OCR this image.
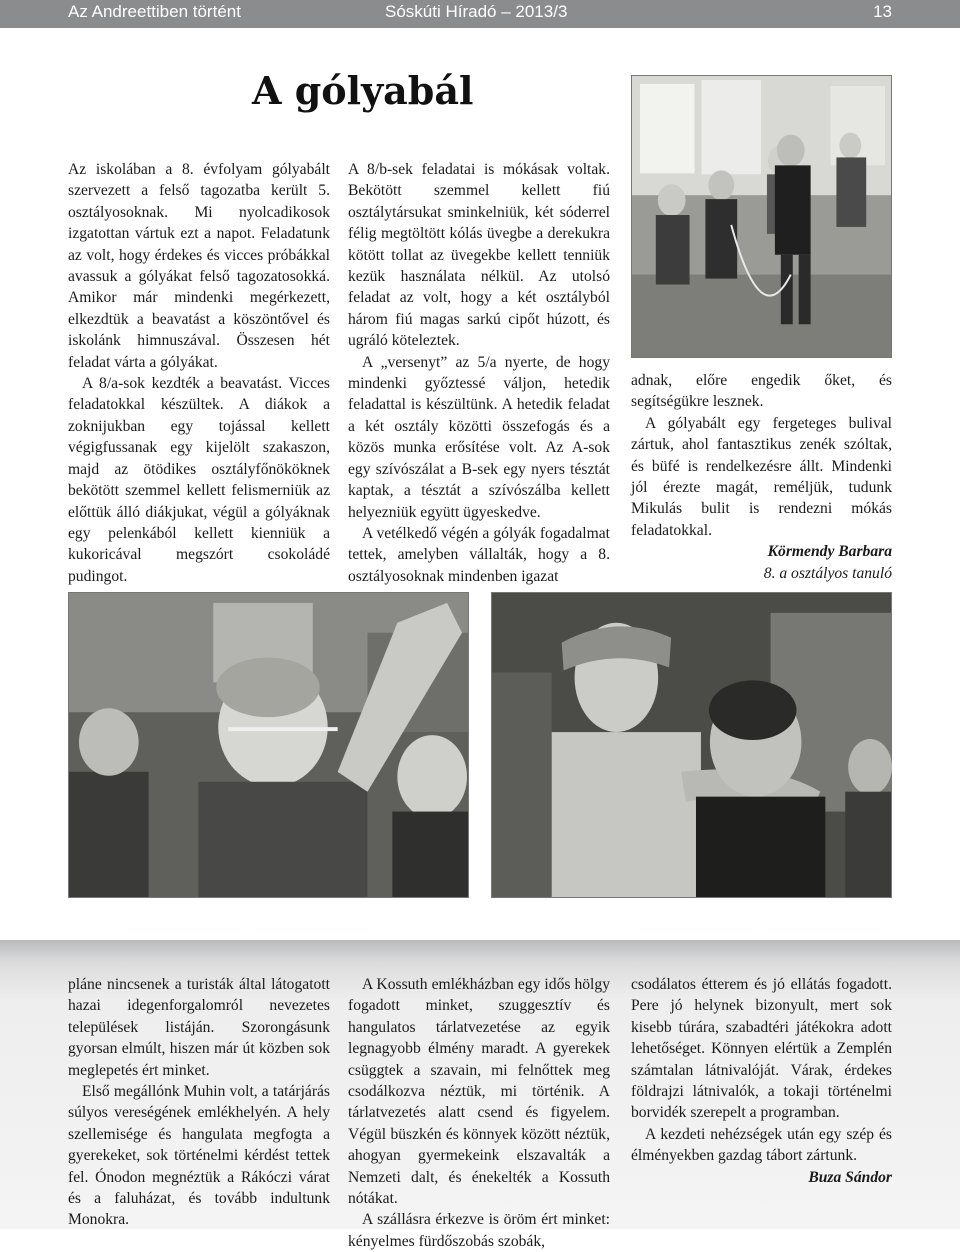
Az Andreettiben történt	Sóskúti Híradó – 2013/3	13
A gólyabál

Az iskolában a 8. évfolyam gólyabált szervezett a felső tagozatba került 5. osztályosoknak. Mi nyolcadikosok izgatottan vártuk ezt a napot. Feladatunk az volt, hogy érdekes és vicces próbákkal avassuk a gólyákat felső tagozatosokká. Amikor már mindenki megérkezett, elkezdtük a beavatást a köszöntővel és iskolánk himnuszával. Összesen hét feladat várta a gólyákat.

A 8/a-sok kezdték a beavatást. Vicces feladatokkal készültek. A diákok a zoknijukban egy tojással kellett végigfussanak egy kijelölt szakaszon, majd az ötödikes osztályfőnököknek bekötött szemmel kellett felismerniük az előttük álló diákjukat, végül a gólyáknak egy pelenkából kellett kienniük a kukoricával megszórt csokoládé pudingot.

A 8/b-sek feladatai is mókásak voltak. Bekötött szemmel kellett fiú osztálytársukat sminkelniük, két sóderrel félig megtöltött kólás üvegbe a derekukra kötött tollat az üvegekbe kellett tenniük kezük használata nélkül. Az utolsó feladat az volt, hogy a két osztályból három fiú magas sarkú cipőt húzott, és ugráló köteleztek.

A „versenyt” az 5/a nyerte, de hogy mindenki győztessé váljon, hetedik feladattal is készültünk. A hetedik feladat a két osztály közötti összefogás és a közös munka erősítése volt. Az A-sok egy szívószálat a B-sek egy nyers tésztát kaptak, a tésztát a szívószálba kellett helyezniük együtt ügyeskedve.

A vetélkedő végén a gólyák fogadalmat tettek, amelyben vállalták, hogy a 8. osztályosoknak mindenben igazat

adnak, előre engedik őket, és segítségükre lesznek.

A gólyabált egy fergeteges bulival zártuk, ahol fantasztikus zenék szóltak, és büfé is rendelkezésre állt. Mindenki jól érezte magát, reméljük, tudunk Mikulás bulit is rendezni mókás feladatokkal.

Körmendy Barbara

8. a osztályos tanuló

pláne nincsenek a turisták által látogatott hazai idegenforgalomról nevezetes települések listáján. Szorongásunk gyorsan elmúlt, hiszen már út közben sok meglepetés ért minket.

Első megállónk Muhin volt, a tatárjárás súlyos vereségének emlékhelyén. A hely szellemisége és hangulata megfogta a gyerekeket, sok történelmi kérdést tettek fel. Ónodon megnéztük a Rákóczi várat és a faluházat, és tovább indultunk Monokra.

A Kossuth emlékházban egy idős hölgy fogadott minket, szuggesztív és hangulatos tárlatvezetése az egyik legnagyobb élmény maradt. A gyerekek csüggtek a szavain, mi felnőttek meg csodálkozva néztük, mi történik. A tárlatvezetés alatt csend és figyelem. Végül büszkén és könnyek között néztük, ahogyan gyermekeink elszavalták a Nemzeti dalt, és énekelték a Kossuth nótákat.

A szállásra érkezve is öröm ért minket: kényelmes fürdőszobás szobák,

csodálatos étterem és jó ellátás fogadott. Pere jó helynek bizonyult, mert sok kisebb túrára, szabadtéri játékokra adott lehetőséget. Könnyen elértük a Zemplén számtalan látnivalóját. Várak, érdekes földrajzi látnivalók, a tokaji történelmi borvidék szerepelt a programban.

A kezdeti nehézségek után egy szép és élményekben gazdag tábort zártunk.

Buza Sándor
